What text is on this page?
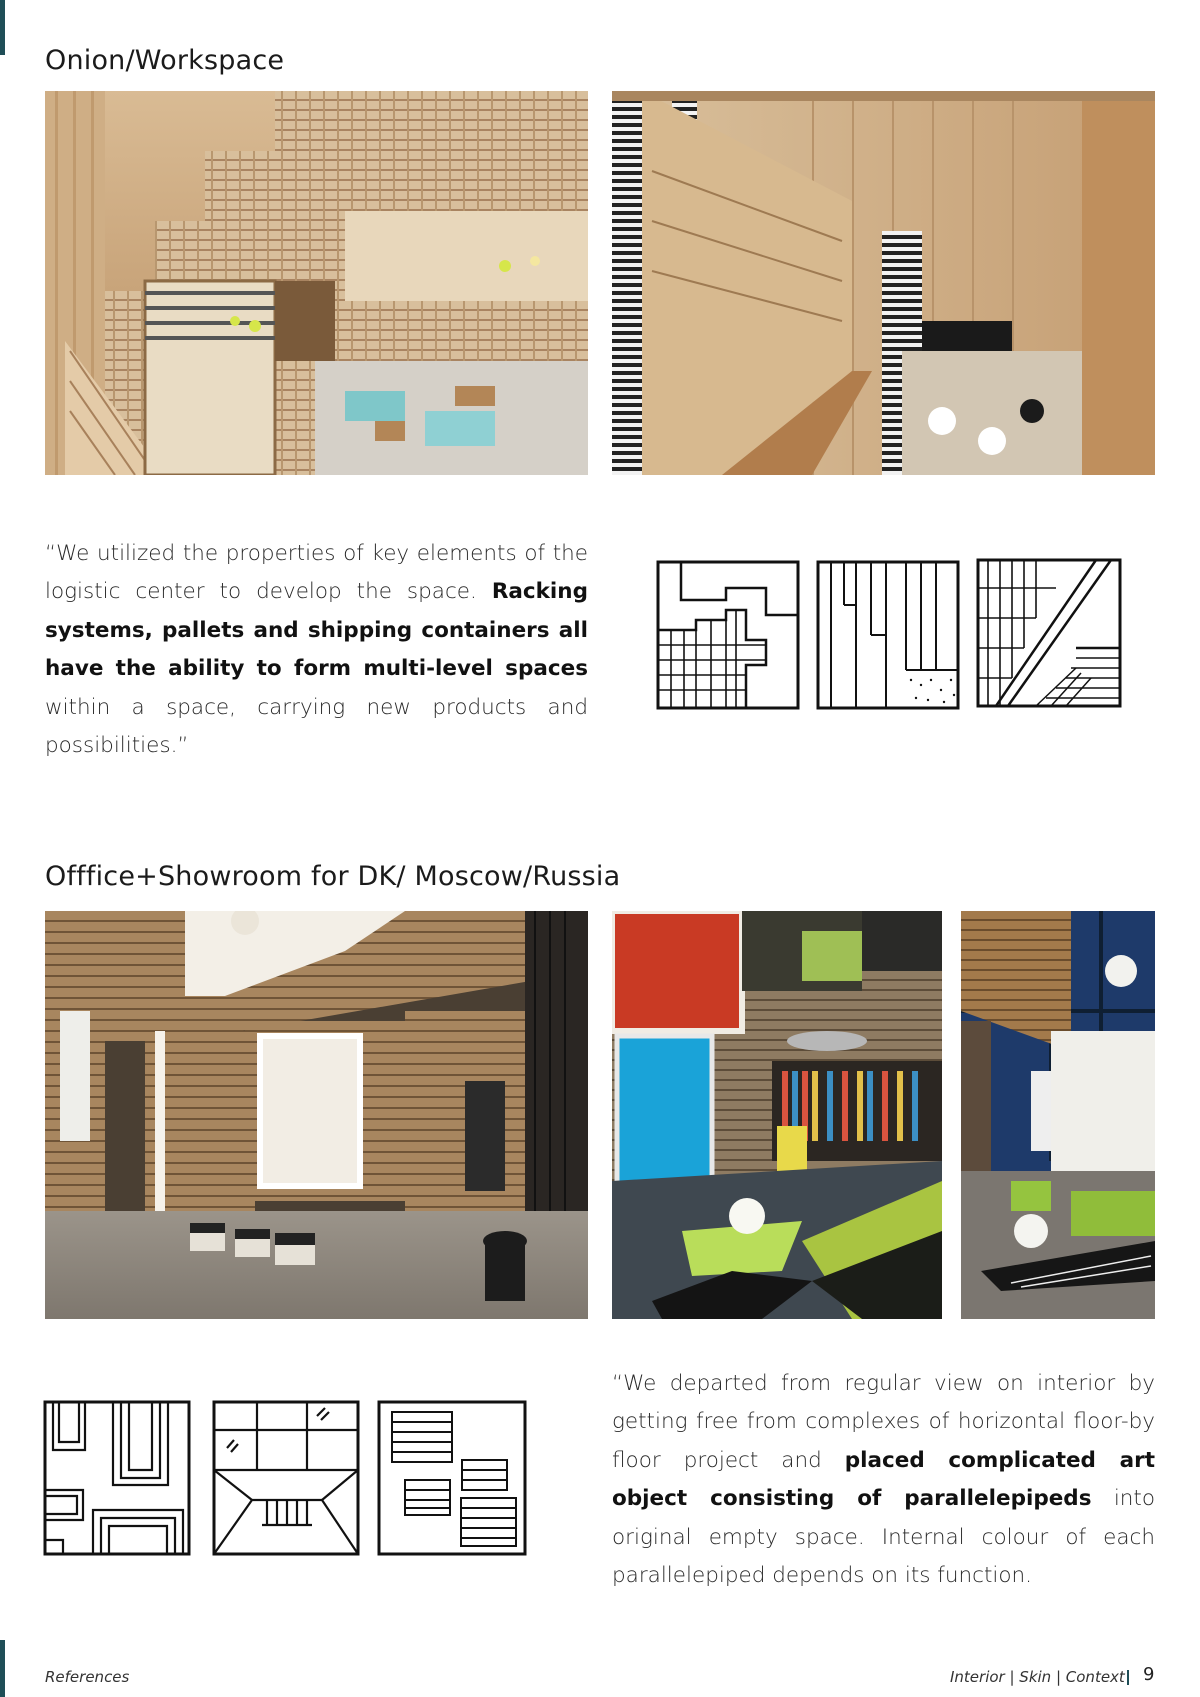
Onion/Workspace
“We utilized the properties of key elements of the logistic center to develop the space. Racking systems, pallets and shipping containers all have the ability to form multi-level spaces within a space, carrying new products and possibilities.”
Offfice+Showroom for DK/ Moscow/Russia
“We departed from regular view on interior by getting free from complexes of horizontal floor-by floor project and placed complicated art object consisting of parallelepipeds into original empty space. Internal colour of each parallelepiped depends on its function.
References	Interior | Skin | Context 9
